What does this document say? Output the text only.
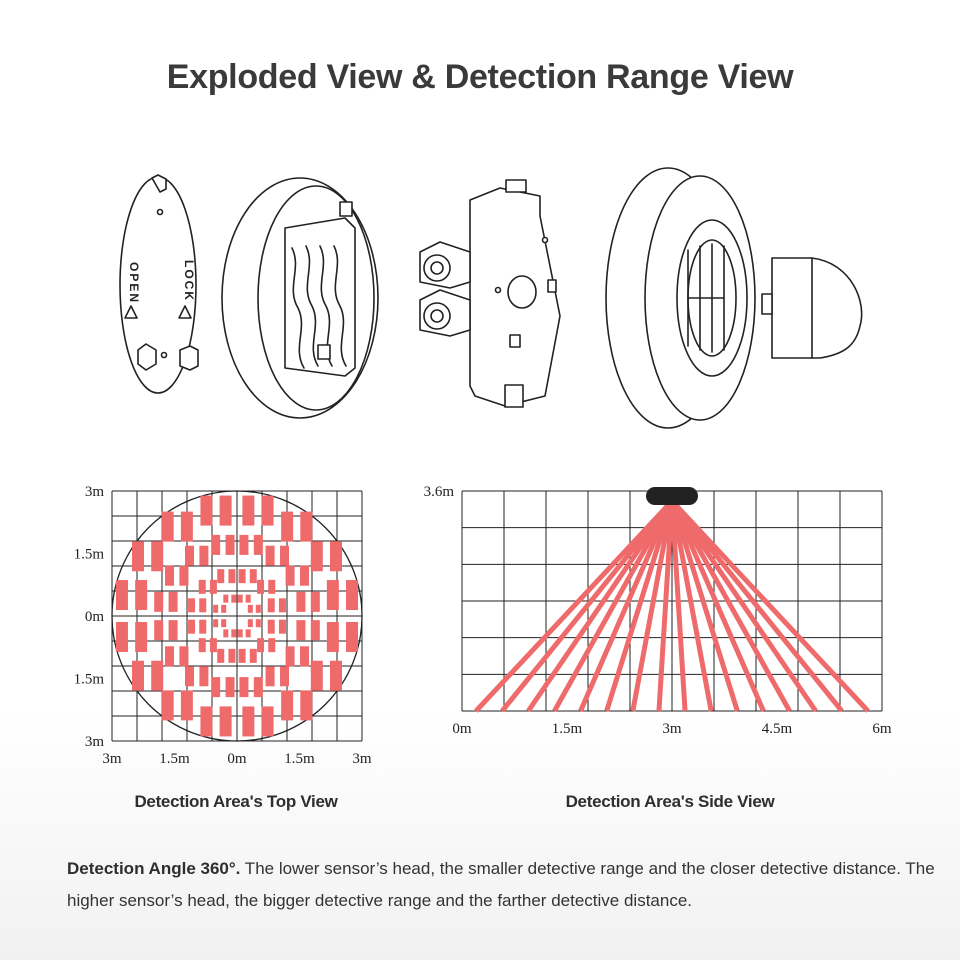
Exploded View & Detection Range View
OPEN	LOCK
3m
1.5m
0m
1.5m
3m
3m	1.5m	0m	1.5m	3m
3.6m
0m	1.5m	3m	4.5m	6m
Detection Area's Top View	Detection Area's Side View
Detection Angle 360°. The lower sensor’s head, the smaller detective range and the closer detective distance. The higher sensor’s head, the bigger detective range and the farther detective distance.
